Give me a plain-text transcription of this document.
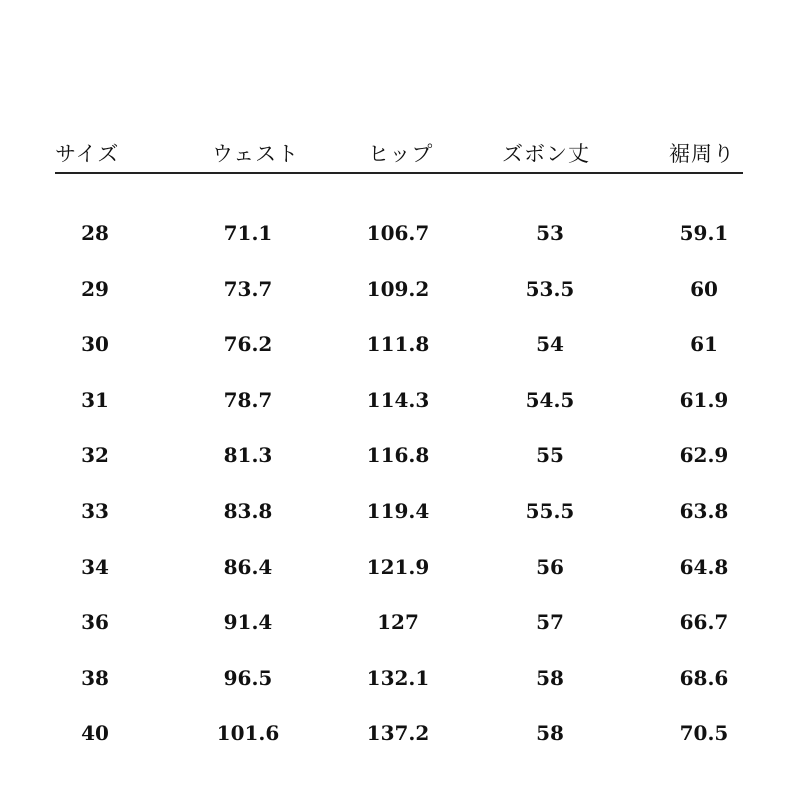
サイズ	ウェスト	ヒップ	ズボン丈	裾周り
28	71.1	106.7	53	59.1
29	73.7	109.2	53.5	60
30	76.2	111.8	54	61
31	78.7	114.3	54.5	61.9
32	81.3	116.8	55	62.9
33	83.8	119.4	55.5	63.8
34	86.4	121.9	56	64.8
36	91.4	127	57	66.7
38	96.5	132.1	58	68.6
40	101.6	137.2	58	70.5
